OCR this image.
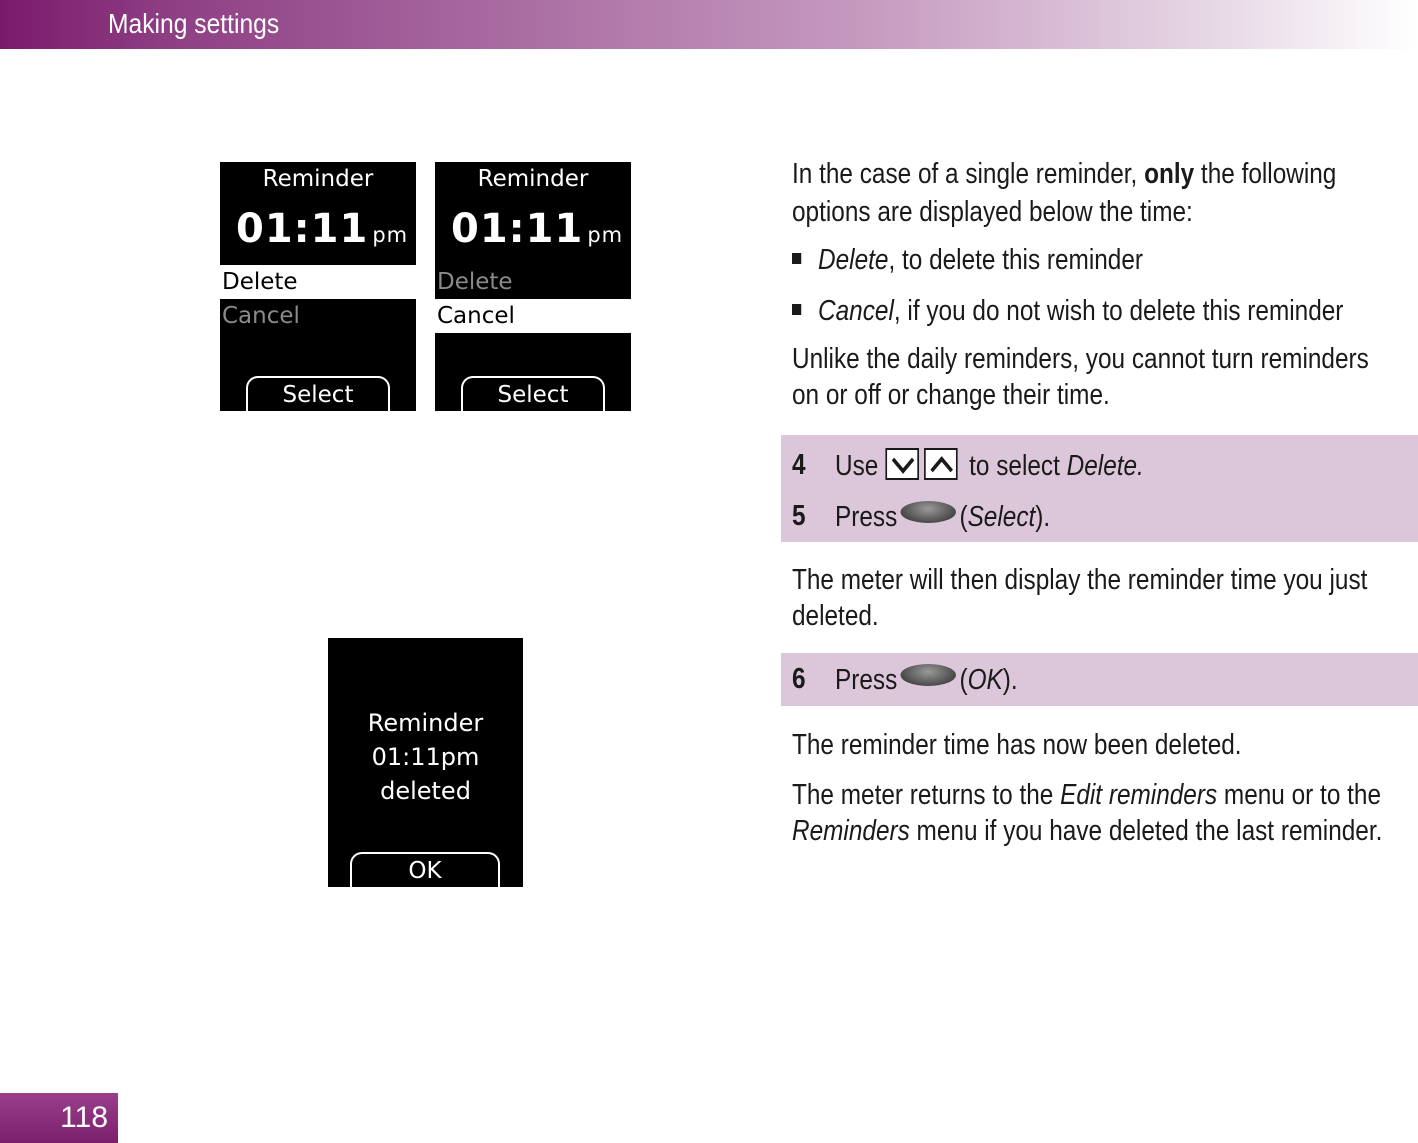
Making settings
Reminder
01:11 pm
Delete
Cancel
Select
Reminder
01:11 pm
Delete
Cancel
Select
Reminder
01:11pm
deleted
OK
In the case of a single reminder, only the following
options are displayed below the time:
Delete, to delete this reminder
Cancel, if you do not wish to delete this reminder
Unlike the daily reminders, you cannot turn reminders
on or off or change their time.
4 Use	to select Delete.
5 Press (Select).
The meter will then display the reminder time you just
deleted.
6 Press (OK).
The reminder time has now been deleted.
The meter returns to the Edit reminders menu or to the
Reminders menu if you have deleted the last reminder.
118
